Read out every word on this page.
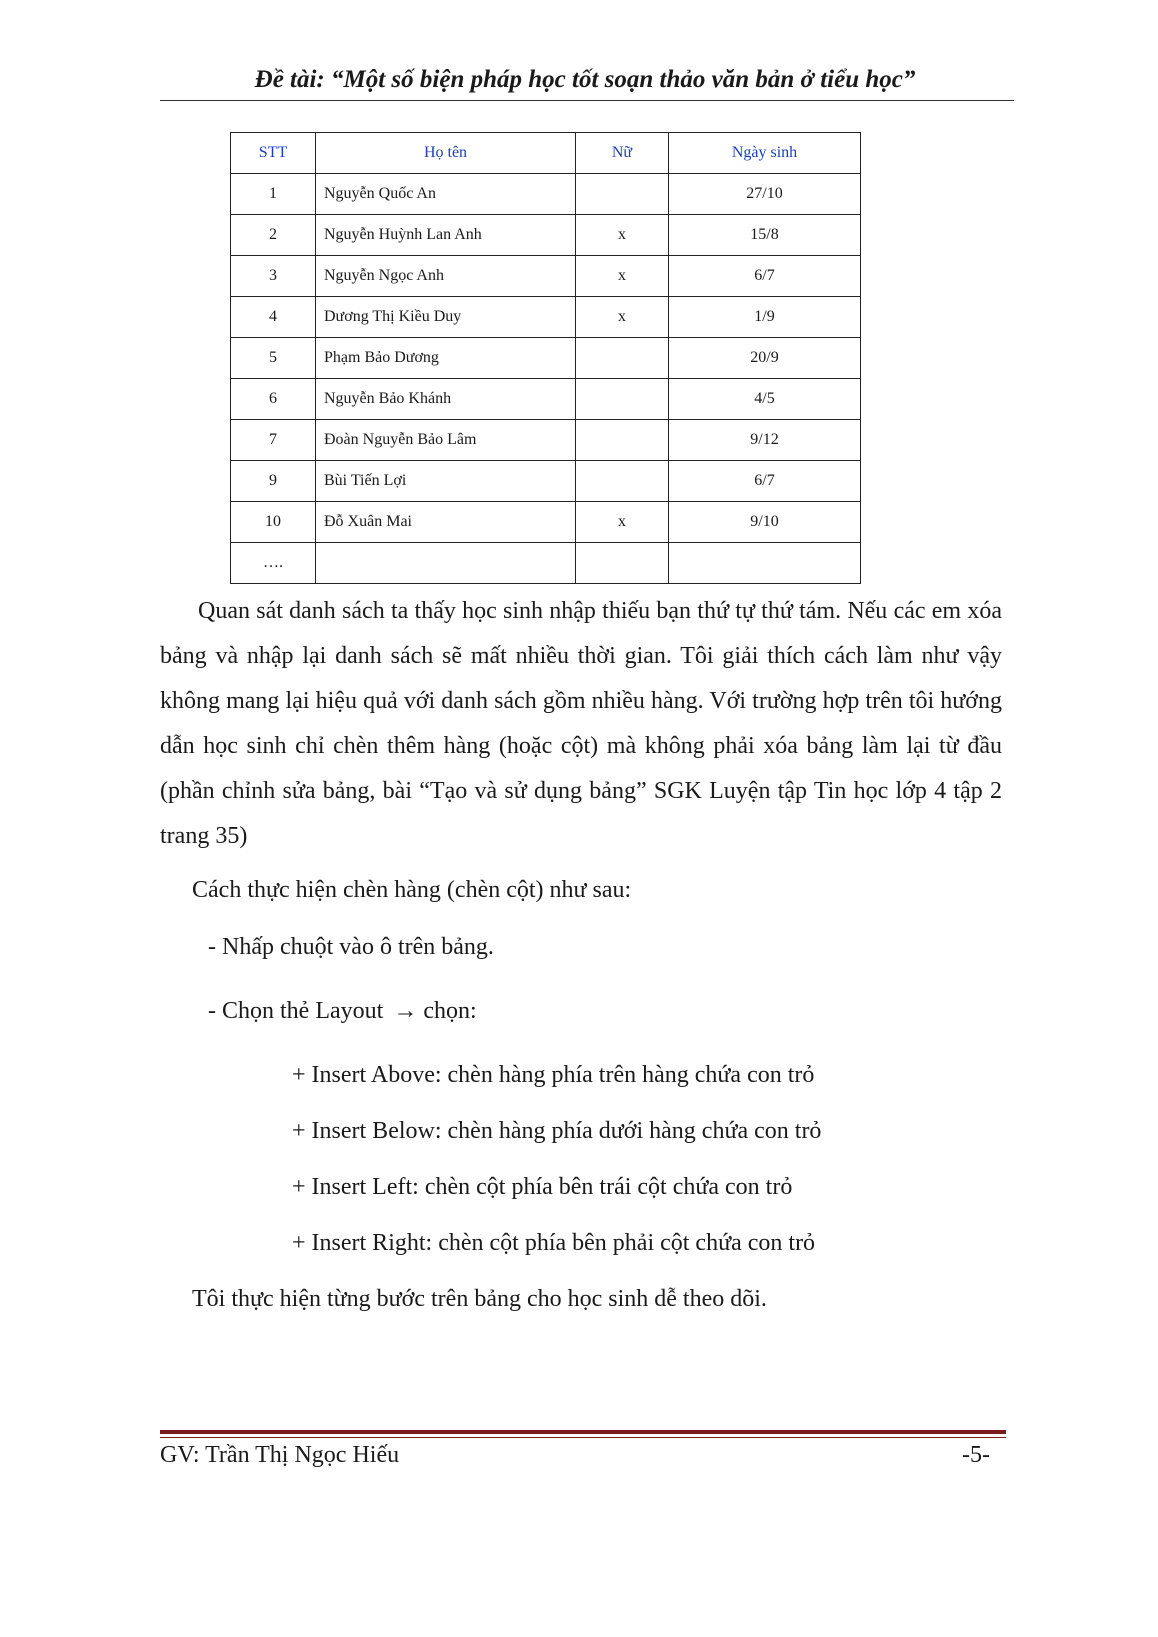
Đề tài: “Một số biện pháp học tốt soạn thảo văn bản ở tiểu học”
STT	Họ tên	Nữ	Ngày sinh
1	Nguyễn Quốc An		27/10
2	Nguyễn Huỳnh Lan Anh	x	15/8
3	Nguyễn Ngọc Anh	x	6/7
4	Dương Thị Kiều Duy	x	1/9
5	Phạm Bảo Dương		20/9
6	Nguyễn Bảo Khánh		4/5
7	Đoàn Nguyễn Bảo Lâm		9/12
9	Bùi Tiến Lợi		6/7
10	Đỗ Xuân Mai	x	9/10
….			

Quan sát danh sách ta thấy học sinh nhập thiếu bạn thứ tự thứ tám. Nếu các em xóa bảng và nhập lại danh sách sẽ mất nhiều thời gian. Tôi giải thích cách làm như vậy không mang lại hiệu quả với danh sách gồm nhiều hàng. Với trường hợp trên tôi hướng dẫn học sinh chỉ chèn thêm hàng (hoặc cột) mà không phải xóa bảng làm lại từ đầu (phần chỉnh sửa bảng, bài “Tạo và sử dụng bảng” SGK Luyện tập Tin học lớp 4 tập 2 trang 35)

Cách thực hiện chèn hàng (chèn cột) như sau:

- Nhấp chuột vào ô trên bảng.

- Chọn thẻ Layout → chọn:

+ Insert Above: chèn hàng phía trên hàng chứa con trỏ

+ Insert Below: chèn hàng phía dưới hàng chứa con trỏ

+ Insert Left: chèn cột phía bên trái cột chứa con trỏ

+ Insert Right: chèn cột phía bên phải cột chứa con trỏ

Tôi thực hiện từng bước trên bảng cho học sinh dễ theo dõi.

GV: Trần Thị Ngọc Hiếu	-5-
